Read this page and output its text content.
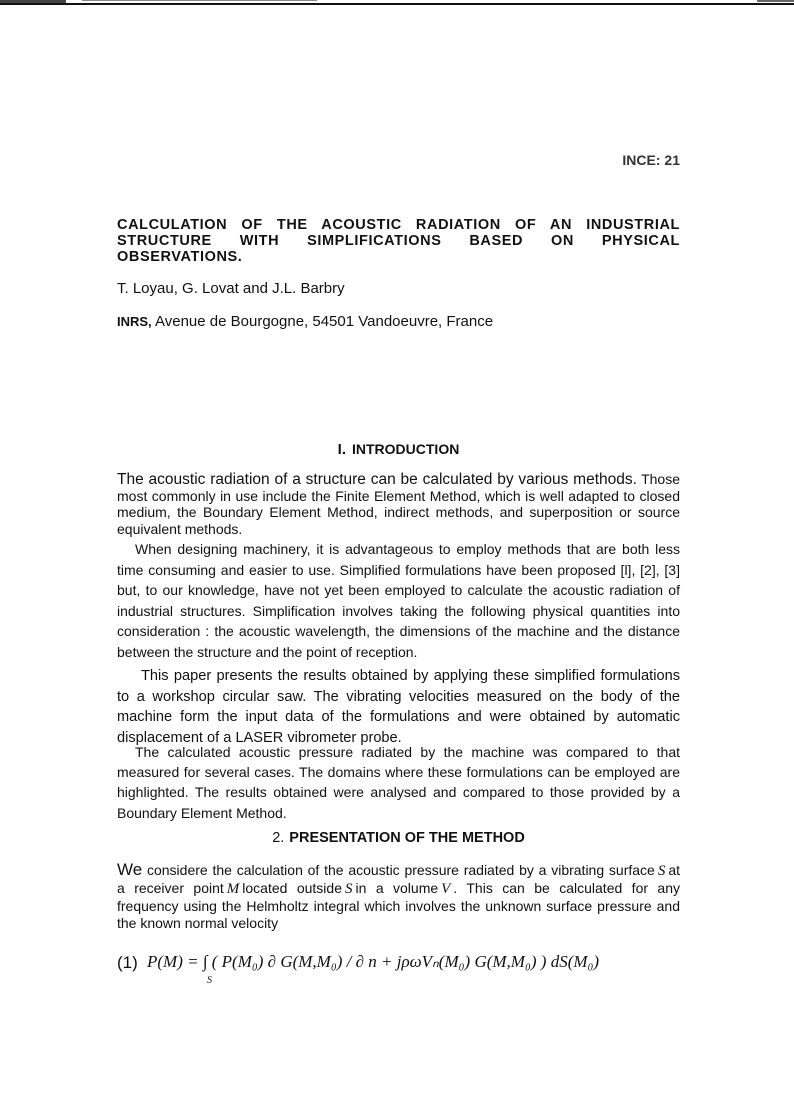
INCE: 21
CALCULATION OF THE ACOUSTIC RADIATION OF AN INDUSTRIAL STRUCTURE WITH SIMPLIFICATIONS BASED ON PHYSICAL OBSERVATIONS.

T. Loyau, G. Lovat and J.L. Barbry

INRS, Avenue de Bourgogne, 54501 Vandoeuvre, France

I. INTRODUCTION

The acoustic radiation of a structure can be calculated by various methods. Those most commonly in use include the Finite Element Method, which is well adapted to closed medium, the Boundary Element Method, indirect methods, and superposition or source equivalent methods.

When designing machinery, it is advantageous to employ methods that are both less time consuming and easier to use. Simplified formulations have been proposed [l], [2], [3] but, to our knowledge, have not yet been employed to calculate the acoustic radiation of industrial structures. Simplification involves taking the following physical quantities into consideration : the acoustic wavelength, the dimensions of the machine and the distance between the structure and the point of reception.

This paper presents the results obtained by applying these simplified formulations to a workshop circular saw. The vibrating velocities measured on the body of the machine form the input data of the formulations and were obtained by automatic displacement of a LASER vibrometer probe.

The calculated acoustic pressure radiated by the machine was compared to that measured for several cases. The domains where these formulations can be employed are highlighted. The results obtained were analysed and compared to those provided by a Boundary Element Method.

2. PRESENTATION OF THE METHOD

We considere the calculation of the acoustic pressure radiated by a vibrating surface S at a receiver point M located outside S in a volume V . This can be calculated for any frequency using the Helmholtz integral which involves the unknown surface pressure and the known normal velocity

(1) P(M) = ∫ ( P(M₀) ∂ G(M,M₀) / ∂ n + jρωVₙ(M₀) G(M,M₀) ) dS(M₀)
S
